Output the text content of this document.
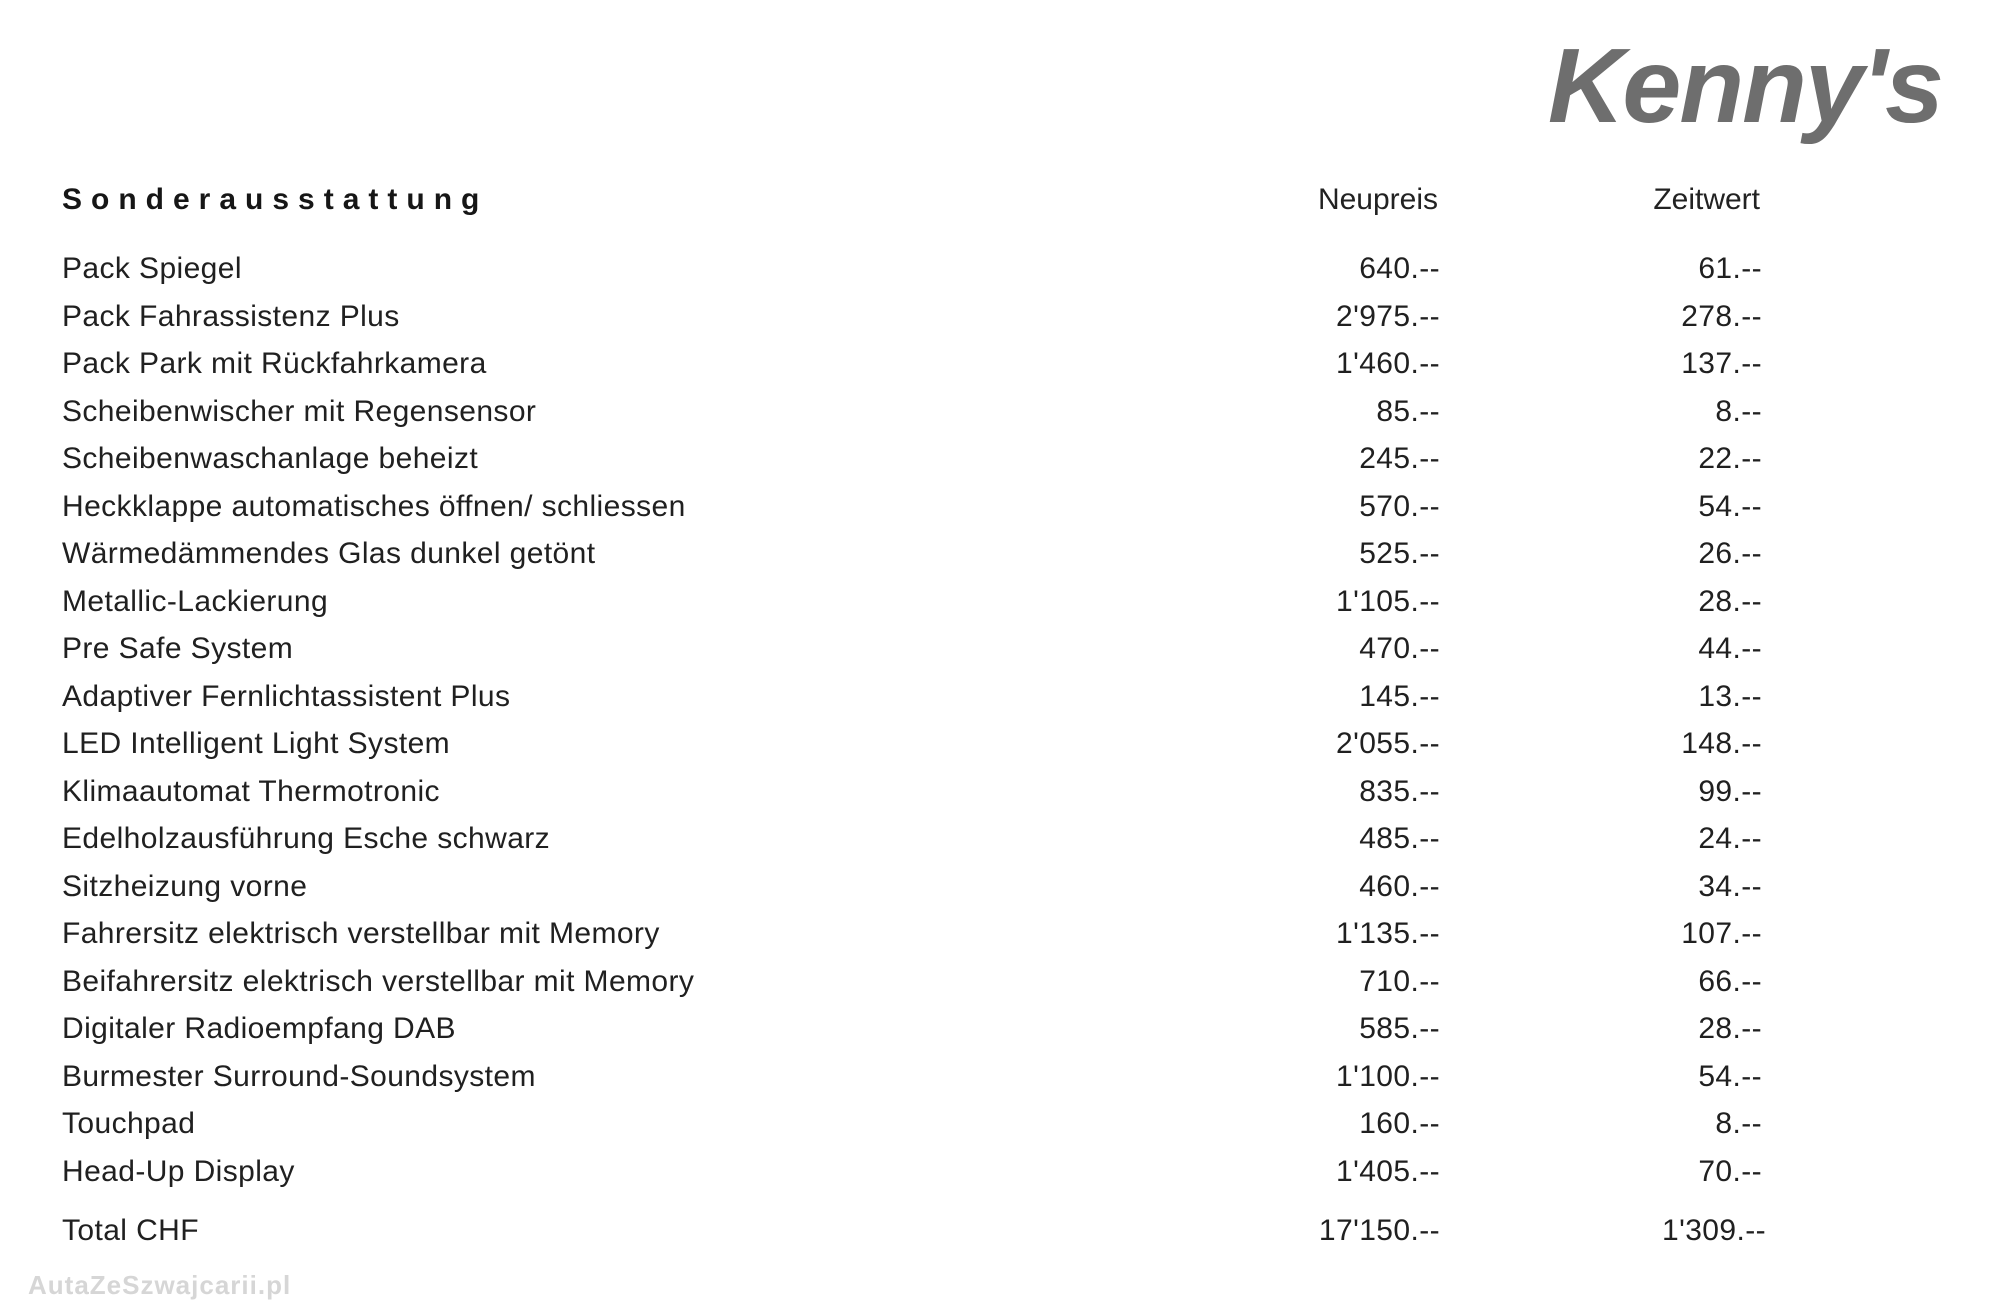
Kenny's
Sonderausstattung	Neupreis	Zeitwert
Pack Spiegel	640.--	61.--
Pack Fahrassistenz Plus	2'975.--	278.--
Pack Park mit Rückfahrkamera	1'460.--	137.--
Scheibenwischer mit Regensensor	85.--	8.--
Scheibenwaschanlage beheizt	245.--	22.--
Heckklappe automatisches öffnen/ schliessen	570.--	54.--
Wärmedämmendes Glas dunkel getönt	525.--	26.--
Metallic-Lackierung	1'105.--	28.--
Pre Safe System	470.--	44.--
Adaptiver Fernlichtassistent Plus	145.--	13.--
LED Intelligent Light System	2'055.--	148.--
Klimaautomat Thermotronic	835.--	99.--
Edelholzausführung Esche schwarz	485.--	24.--
Sitzheizung vorne	460.--	34.--
Fahrersitz elektrisch verstellbar mit Memory	1'135.--	107.--
Beifahrersitz elektrisch verstellbar mit Memory	710.--	66.--
Digitaler Radioempfang DAB	585.--	28.--
Burmester Surround-Soundsystem	1'100.--	54.--
Touchpad	160.--	8.--
Head-Up Display	1'405.--	70.--
Total CHF	17'150.--	1'309.--
AutaZeSzwajcarii.pl
